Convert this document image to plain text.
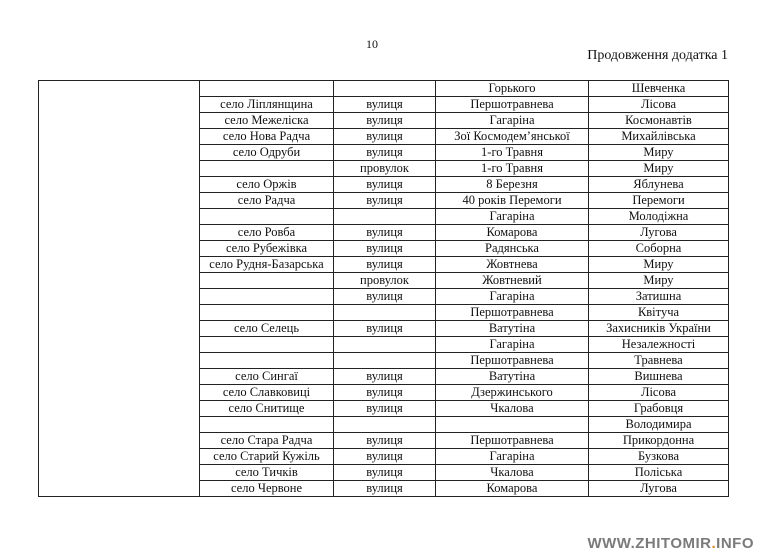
10
Продовження додатка 1
			Горького	Шевченка
	село Ліплянщина	вулиця	Першотравнева	Лісова
	село Межеліска	вулиця	Гагаріна	Космонавтів
	село Нова Радча	вулиця	Зої Космодем’янської	Михайлівська
	село Одруби	вулиця	1-го Травня	Миру
		провулок	1-го Травня	Миру
	село Оржів	вулиця	8 Березня	Яблунева
	село Радча	вулиця	40 років Перемоги	Перемоги
			Гагаріна	Молодіжна
	село Ровба	вулиця	Комарова	Лугова
	село Рубежівка	вулиця	Радянська	Соборна
	село Рудня-Базарська	вулиця	Жовтнева	Миру
		провулок	Жовтневий	Миру
		вулиця	Гагаріна	Затишна
			Першотравнева	Квітуча
	село Селець	вулиця	Ватутіна	Захисників України
			Гагаріна	Незалежності
			Першотравнева	Травнева
	село Сингаї	вулиця	Ватутіна	Вишнева
	село Славковиці	вулиця	Дзержинського	Лісова
	село Снитище	вулиця	Чкалова	Грабовця
				Володимира
	село Стара Радча	вулиця	Першотравнева	Прикордонна
	село Старий Кужіль	вулиця	Гагаріна	Бузкова
	село Тичків	вулиця	Чкалова	Поліська
	село Червоне	вулиця	Комарова	Лугова
WWW.ZHITOMIR.INFO
